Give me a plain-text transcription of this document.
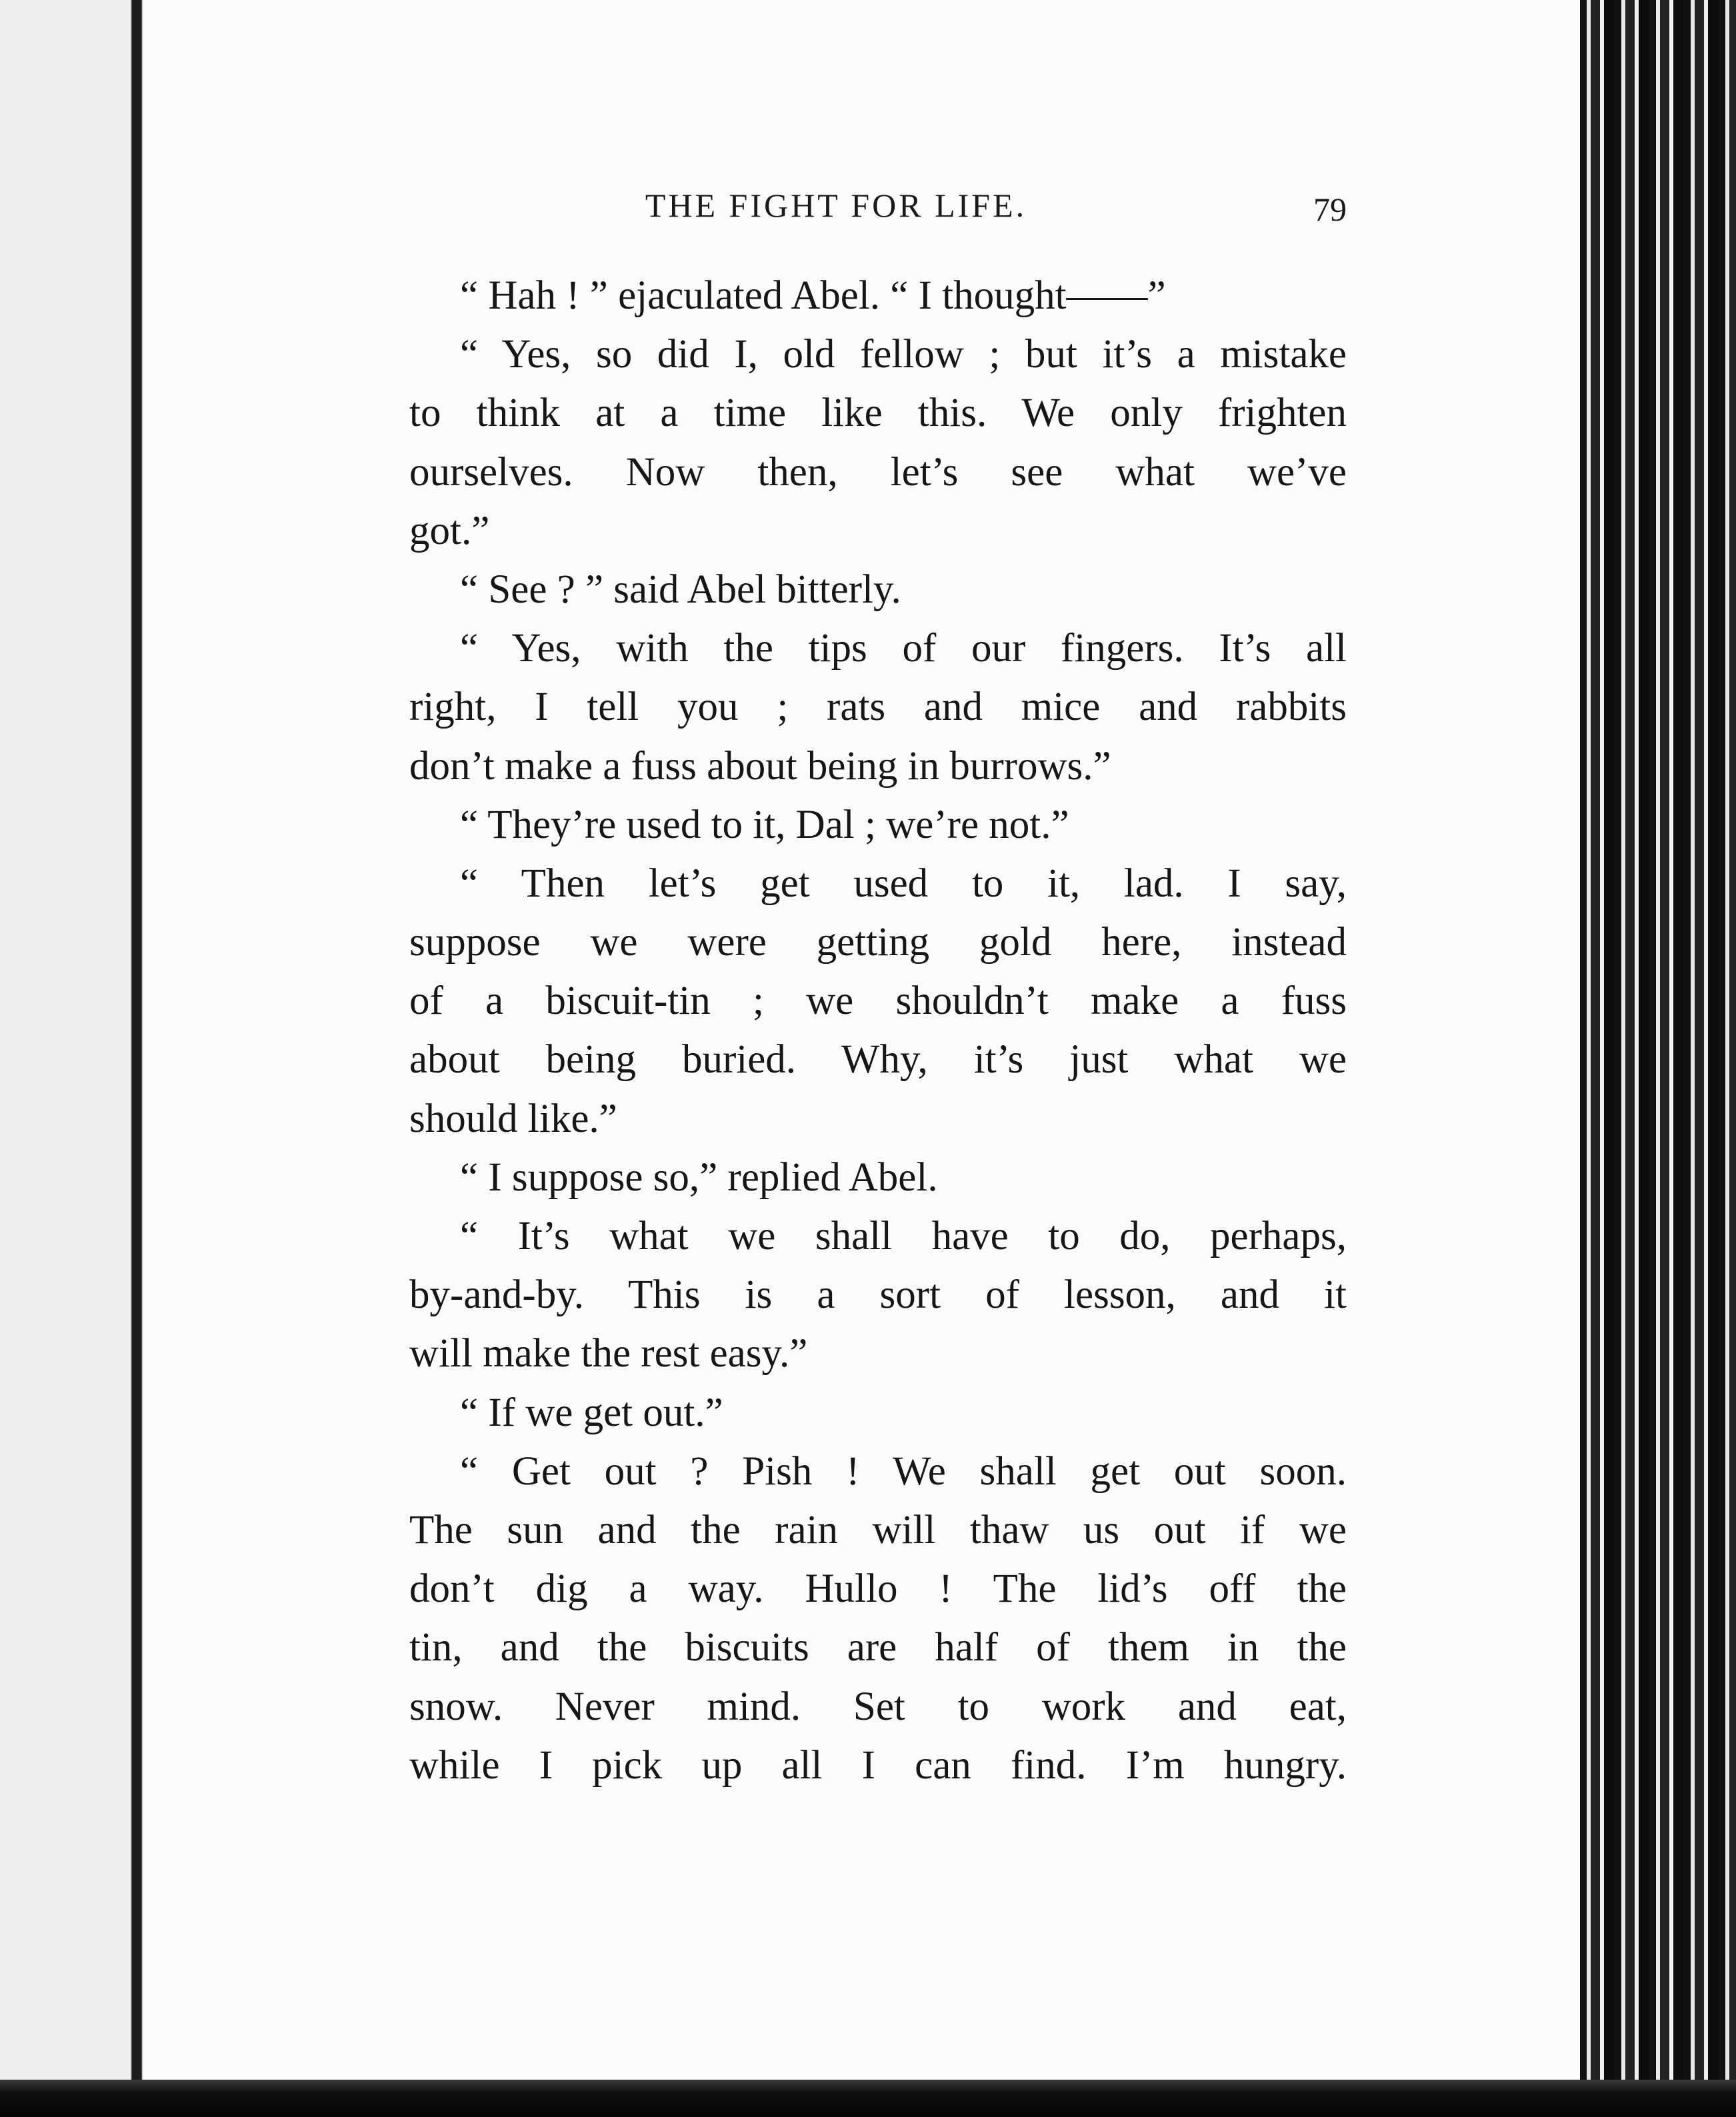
THE FIGHT FOR LIFE.	79
“ Hah ! ” ejaculated Abel. “ I thought——”
“ Yes, so did I, old fellow ; but it’s a mistake
to think at a time like this. We only frighten
ourselves. Now then, let’s see what we’ve
got.”
“ See ? ” said Abel bitterly.
“ Yes, with the tips of our fingers. It’s all
right, I tell you ; rats and mice and rabbits
don’t make a fuss about being in burrows.”
“ They’re used to it, Dal ; we’re not.”
“ Then let’s get used to it, lad. I say,
suppose we were getting gold here, instead
of a biscuit-tin ; we shouldn’t make a fuss
about being buried. Why, it’s just what we
should like.”
“ I suppose so,” replied Abel.
“ It’s what we shall have to do, perhaps,
by-and-by. This is a sort of lesson, and it
will make the rest easy.”
“ If we get out.”
“ Get out ? Pish ! We shall get out soon.
The sun and the rain will thaw us out if we
don’t dig a way. Hullo ! The lid’s off the
tin, and the biscuits are half of them in the
snow. Never mind. Set to work and eat,
while I pick up all I can find. I’m hungry.
